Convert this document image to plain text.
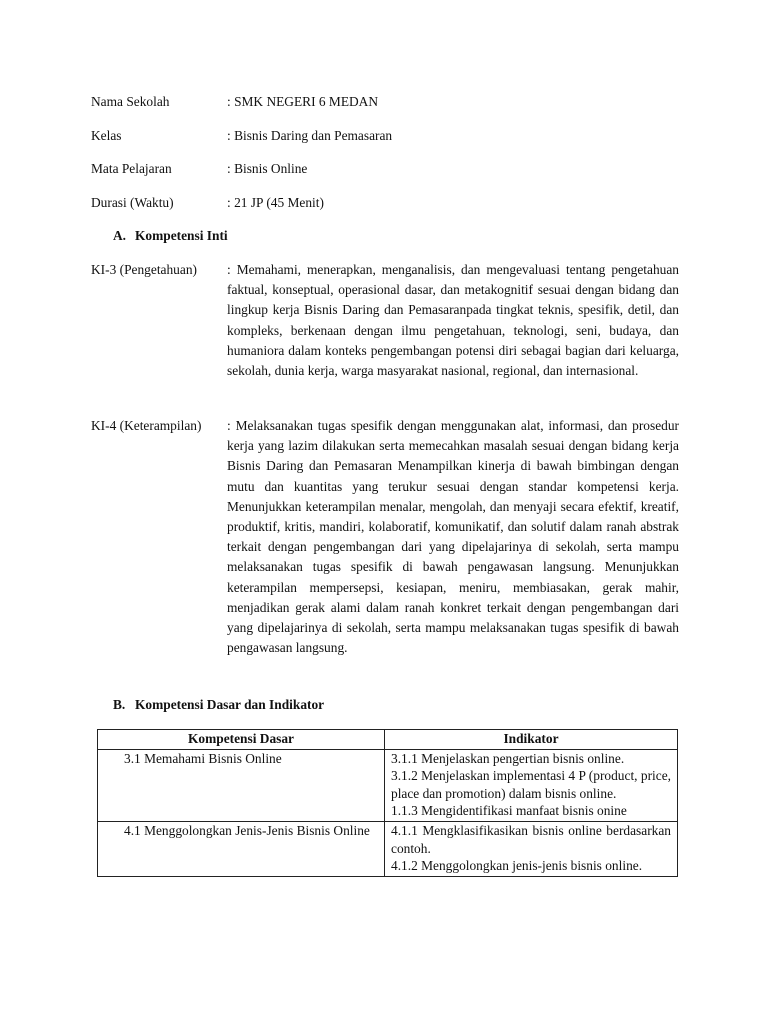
Nama Sekolah	: SMK NEGERI 6 MEDAN
Kelas	: Bisnis Daring dan Pemasaran
Mata Pelajaran	: Bisnis Online
Durasi (Waktu)	: 21 JP (45 Menit)
A. Kompetensi Inti
KI-3 (Pengetahuan) : Memahami, menerapkan, menganalisis, dan mengevaluasi tentang pengetahuan faktual, konseptual, operasional dasar, dan metakognitif sesuai dengan bidang dan lingkup kerja Bisnis Daring dan Pemasaranpada tingkat teknis, spesifik, detil, dan kompleks, berkenaan dengan ilmu pengetahuan, teknologi, seni, budaya, dan humaniora dalam konteks pengembangan potensi diri sebagai bagian dari keluarga, sekolah, dunia kerja, warga masyarakat nasional, regional, dan internasional.
KI-4 (Keterampilan) : Melaksanakan tugas spesifik dengan menggunakan alat, informasi, dan prosedur kerja yang lazim dilakukan serta memecahkan masalah sesuai dengan bidang kerja Bisnis Daring dan Pemasaran Menampilkan kinerja di bawah bimbingan dengan mutu dan kuantitas yang terukur sesuai dengan standar kompetensi kerja. Menunjukkan keterampilan menalar, mengolah, dan menyaji secara efektif, kreatif, produktif, kritis, mandiri, kolaboratif, komunikatif, dan solutif dalam ranah abstrak terkait dengan pengembangan dari yang dipelajarinya di sekolah, serta mampu melaksanakan tugas spesifik di bawah pengawasan langsung. Menunjukkan keterampilan mempersepsi, kesiapan, meniru, membiasakan, gerak mahir, menjadikan gerak alami dalam ranah konkret terkait dengan pengembangan dari yang dipelajarinya di sekolah, serta mampu melaksanakan tugas spesifik di bawah pengawasan langsung.
B. Kompetensi Dasar dan Indikator
Kompetensi Dasar	Indikator

3.1 Memahami Bisnis Online	3.1.1 Menjelaskan pengertian bisnis online.
3.1.2 Menjelaskan implementasi 4 P (product, price, place dan promotion) dalam bisnis online.
1.1.3 Mengidentifikasi manfaat bisnis onine

4.1 Menggolongkan Jenis-Jenis Bisnis Online	4.1.1 Mengklasifikasikan bisnis online berdasarkan contoh.
4.1.2 Menggolongkan jenis-jenis bisnis online.
